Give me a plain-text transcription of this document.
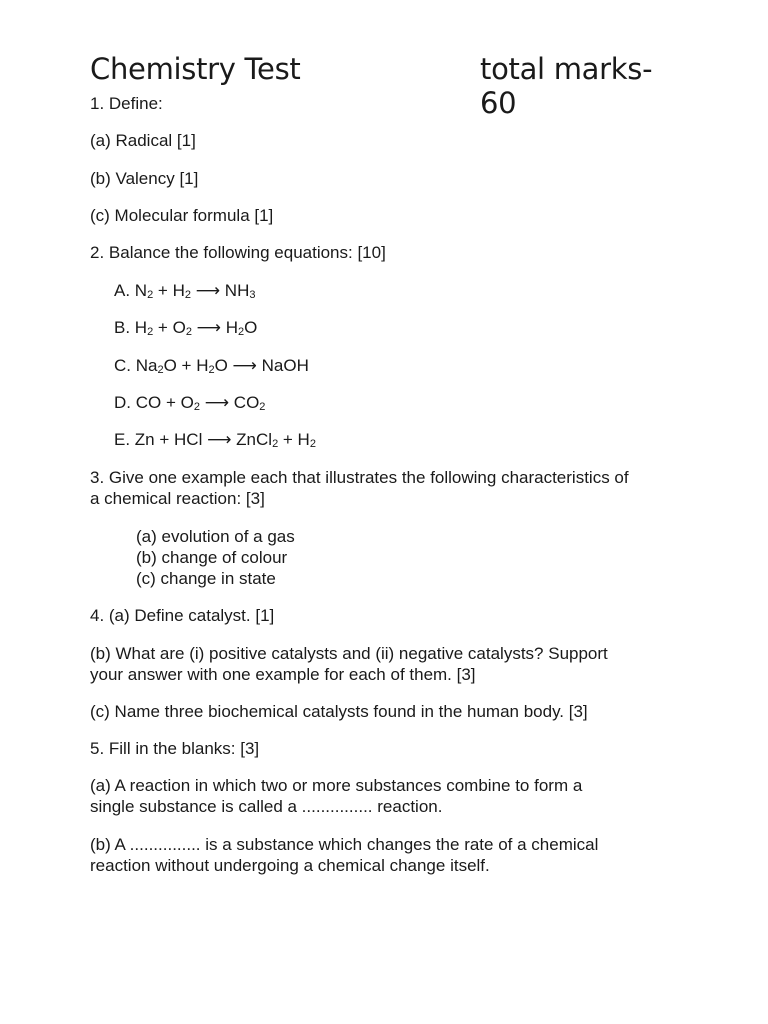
Chemistry Test	total marks-60
1. Define:
(a) Radical [1]
(b) Valency [1]
(c) Molecular formula [1]
2. Balance the following equations: [10]
A. $N_2 + H_2$ ⟶ $NH_3$
B. $H_2 + O_2$ ⟶ $H_2O$
C. $Na_2O + H_2O$ ⟶ NaOH
D. CO + $O_2$ ⟶ $CO_2$
E. Zn + HCl ⟶ ZnCl$_2$ + $H_2$
3. Give one example each that illustrates the following characteristics of
a chemical reaction: [3]
(a) evolution of a gas
(b) change of colour
(c) change in state
4. (a) Define catalyst. [1]
(b) What are (i) positive catalysts and (ii) negative catalysts? Support
your answer with one example for each of them. [3]
(c) Name three biochemical catalysts found in the human body. [3]
5. Fill in the blanks: [3]
(a) A reaction in which two or more substances combine to form a
single substance is called a ............... reaction.
(b) A ............... is a substance which changes the rate of a chemical
reaction without undergoing a chemical change itself.
